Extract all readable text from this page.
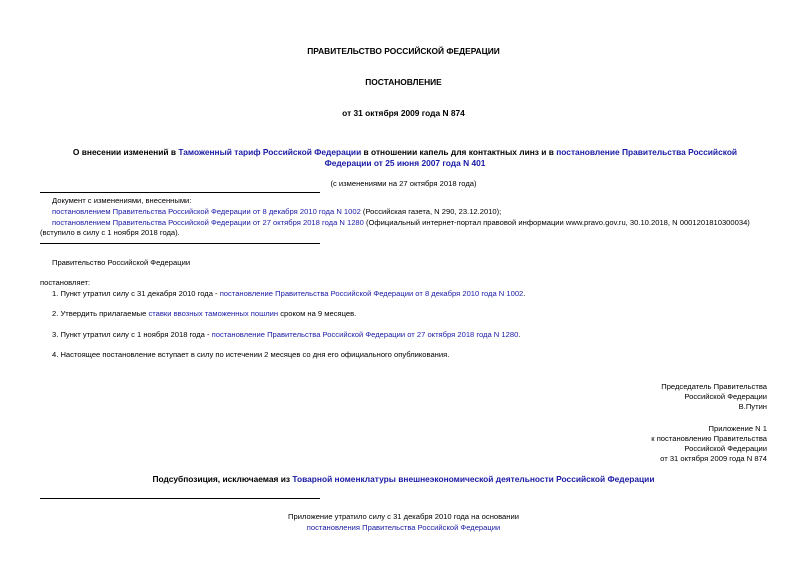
ПРАВИТЕЛЬСТВО РОССИЙСКОЙ ФЕДЕРАЦИИ
ПОСТАНОВЛЕНИЕ
от 31 октября 2009 года N 874
О внесении изменений в Таможенный тариф Российской Федерации в отношении капель для контактных линз и в постановление Правительства Российской Федерации от 25 июня 2007 года N 401
(с изменениями на 27 октября 2018 года)
Документ с изменениями, внесенными:
постановлением Правительства Российской Федерации от 8 декабря 2010 года N 1002 (Российская газета, N 290, 23.12.2010);
постановлением Правительства Российской Федерации от 27 октября 2018 года N 1280 (Официальный интернет-портал правовой информации www.pravo.gov.ru, 30.10.2018, N 0001201810300034) (вступило в силу с 1 ноября 2018 года).
Правительство Российской Федерации
постановляет:
1. Пункт утратил силу с 31 декабря 2010 года - постановление Правительства Российской Федерации от 8 декабря 2010 года N 1002.
2. Утвердить прилагаемые ставки ввозных таможенных пошлин сроком на 9 месяцев.
3. Пункт утратил силу с 1 ноября 2018 года - постановление Правительства Российской Федерации от 27 октября 2018 года N 1280.
4. Настоящее постановление вступает в силу по истечении 2 месяцев со дня его официального опубликования.
Председатель Правительства
Российской Федерации
В.Путин
Приложение N 1
к постановлению Правительства
Российской Федерации
от 31 октября 2009 года N 874
Подсубпозиция, исключаемая из Товарной номенклатуры внешнеэкономической деятельности Российской Федерации
Приложение утратило силу с 31 декабря 2010 года на основании
постановления Правительства Российской Федерации
